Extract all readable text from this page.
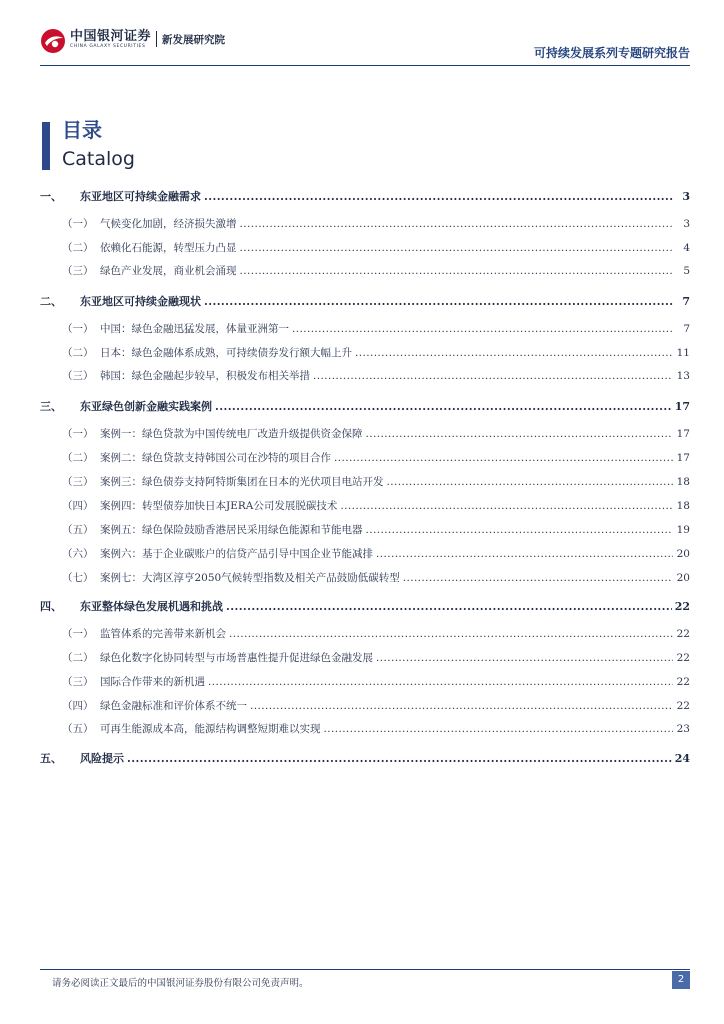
中国银河证券
CHINA GALAXY SECURITIES
新发展研究院
可持续发展系列专题研究报告
目录
Catalog
一、	东亚地区可持续金融需求 .....	3
（一） 气候变化加剧，经济损失激增 .....	3
（二） 依赖化石能源，转型压力凸显 .....	4
（三） 绿色产业发展，商业机会涌现 .....	5
二、	东亚地区可持续金融现状 .....	7
（一） 中国：绿色金融迅猛发展，体量亚洲第一 .....	7
（二） 日本：绿色金融体系成熟，可持续债券发行额大幅上升 .....	11
（三） 韩国：绿色金融起步较早，积极发布相关举措 .....	13
三、	东亚绿色创新金融实践案例 .....	17
（一） 案例一：绿色贷款为中国传统电厂改造升级提供资金保障 .....	17
（二） 案例二：绿色贷款支持韩国公司在沙特的项目合作 .....	17
（三） 案例三：绿色债券支持阿特斯集团在日本的光伏项目电站开发 .....	18
（四） 案例四：转型债券加快日本JERA公司发展脱碳技术 .....	18
（五） 案例五：绿色保险鼓励香港居民采用绿色能源和节能电器 .....	19
（六） 案例六：基于企业碳账户的信贷产品引导中国企业节能减排 .....	20
（七） 案例七：大湾区淳亨2050气候转型指数及相关产品鼓励低碳转型 .....	20
四、	东亚整体绿色发展机遇和挑战 .....	22
（一） 监管体系的完善带来新机会 .....	22
（二） 绿色化数字化协同转型与市场普惠性提升促进绿色金融发展 .....	22
（三） 国际合作带来的新机遇 .....	22
（四） 绿色金融标准和评价体系不统一 .....	22
（五） 可再生能源成本高，能源结构调整短期难以实现 .....	23
五、	风险提示 .....	24
请务必阅读正文最后的中国银河证券股份有限公司免责声明。	2
